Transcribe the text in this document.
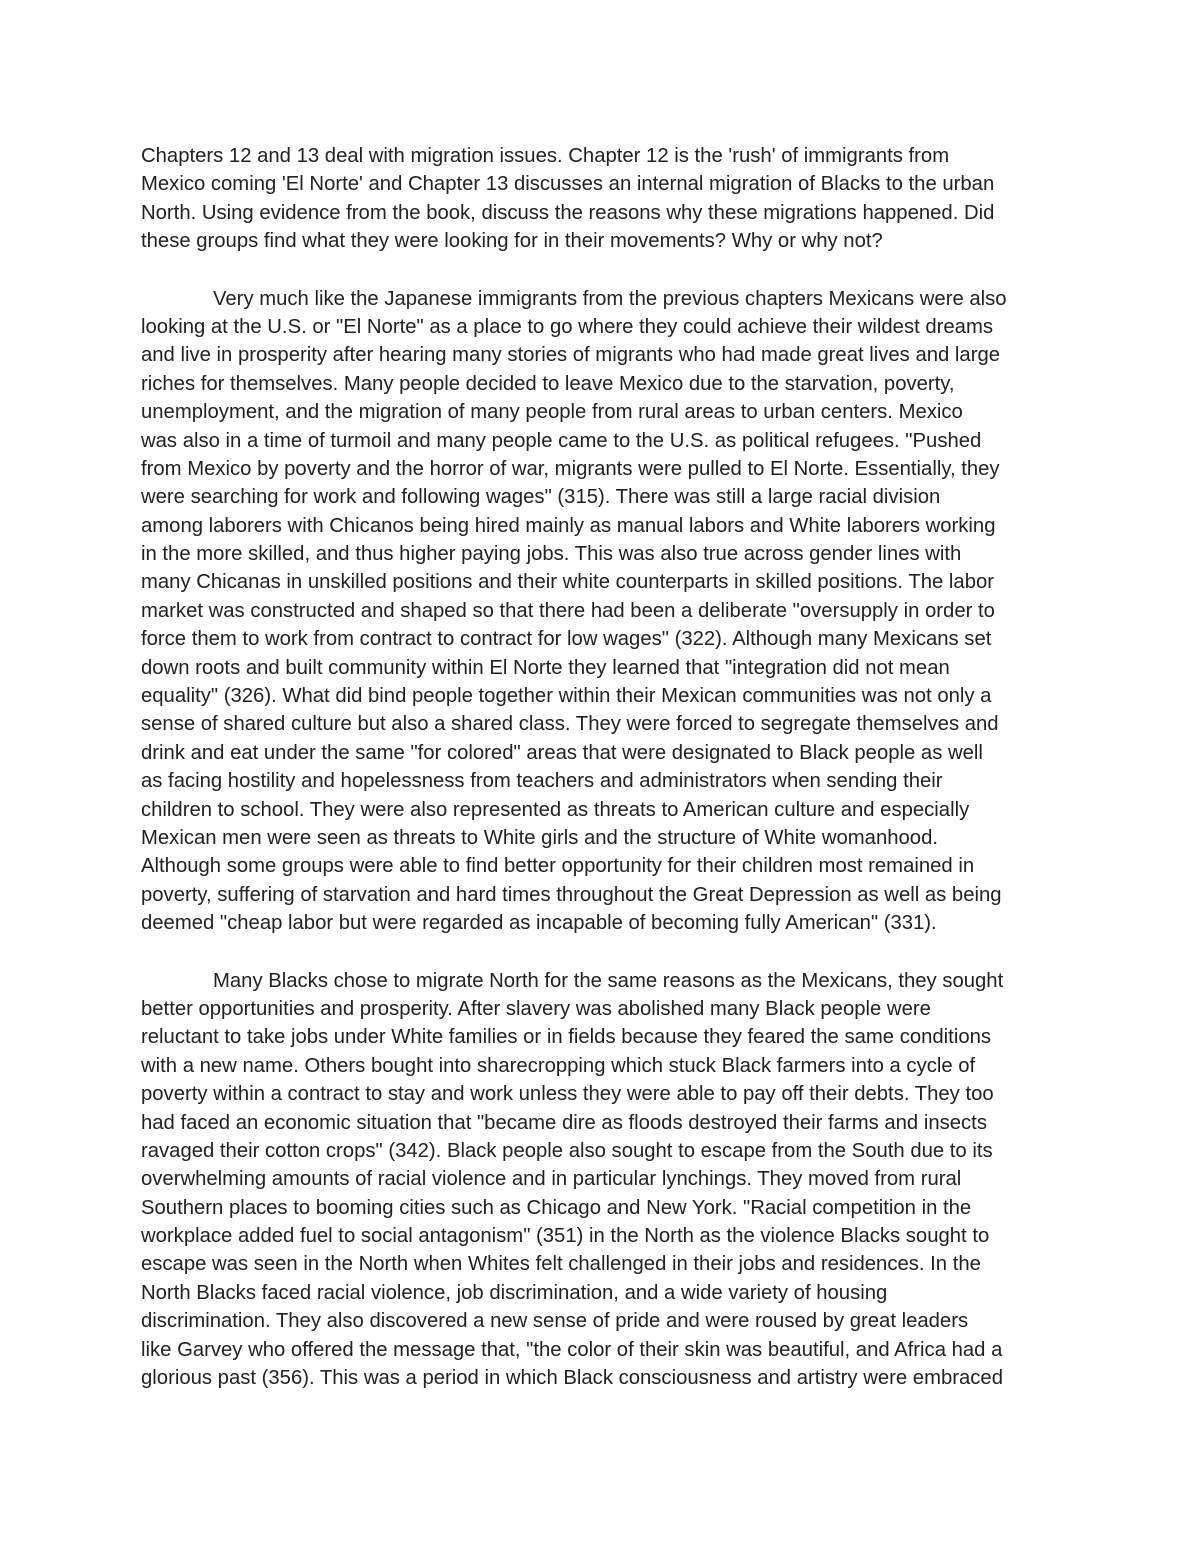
Chapters 12 and 13 deal with migration issues. Chapter 12 is the 'rush' of immigrants from
Mexico coming 'El Norte' and Chapter 13 discusses an internal migration of Blacks to the urban
North. Using evidence from the book, discuss the reasons why these migrations happened. Did
these groups find what they were looking for in their movements? Why or why not?
Very much like the Japanese immigrants from the previous chapters Mexicans were also
looking at the U.S. or "El Norte" as a place to go where they could achieve their wildest dreams
and live in prosperity after hearing many stories of migrants who had made great lives and large
riches for themselves. Many people decided to leave Mexico due to the starvation, poverty,
unemployment, and the migration of many people from rural areas to urban centers. Mexico
was also in a time of turmoil and many people came to the U.S. as political refugees. "Pushed
from Mexico by poverty and the horror of war, migrants were pulled to El Norte. Essentially, they
were searching for work and following wages" (315). There was still a large racial division
among laborers with Chicanos being hired mainly as manual labors and White laborers working
in the more skilled, and thus higher paying jobs. This was also true across gender lines with
many Chicanas in unskilled positions and their white counterparts in skilled positions. The labor
market was constructed and shaped so that there had been a deliberate "oversupply in order to
force them to work from contract to contract for low wages" (322). Although many Mexicans set
down roots and built community within El Norte they learned that "integration did not mean
equality" (326). What did bind people together within their Mexican communities was not only a
sense of shared culture but also a shared class. They were forced to segregate themselves and
drink and eat under the same "for colored" areas that were designated to Black people as well
as facing hostility and hopelessness from teachers and administrators when sending their
children to school. They were also represented as threats to American culture and especially
Mexican men were seen as threats to White girls and the structure of White womanhood.
Although some groups were able to find better opportunity for their children most remained in
poverty, suffering of starvation and hard times throughout the Great Depression as well as being
deemed "cheap labor but were regarded as incapable of becoming fully American" (331).
Many Blacks chose to migrate North for the same reasons as the Mexicans, they sought
better opportunities and prosperity. After slavery was abolished many Black people were
reluctant to take jobs under White families or in fields because they feared the same conditions
with a new name. Others bought into sharecropping which stuck Black farmers into a cycle of
poverty within a contract to stay and work unless they were able to pay off their debts. They too
had faced an economic situation that "became dire as floods destroyed their farms and insects
ravaged their cotton crops" (342). Black people also sought to escape from the South due to its
overwhelming amounts of racial violence and in particular lynchings. They moved from rural
Southern places to booming cities such as Chicago and New York. "Racial competition in the
workplace added fuel to social antagonism" (351) in the North as the violence Blacks sought to
escape was seen in the North when Whites felt challenged in their jobs and residences. In the
North Blacks faced racial violence, job discrimination, and a wide variety of housing
discrimination. They also discovered a new sense of pride and were roused by great leaders
like Garvey who offered the message that, "the color of their skin was beautiful, and Africa had a
glorious past (356). This was a period in which Black consciousness and artistry were embraced
